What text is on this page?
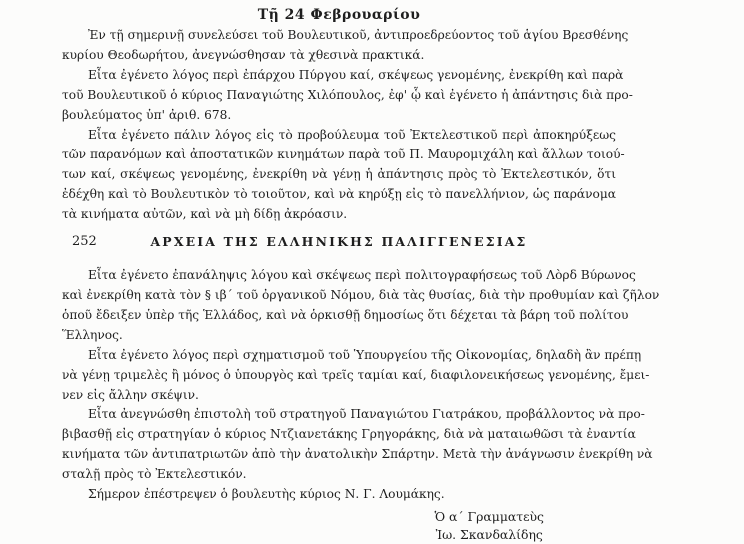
Τῇ 24 Φεβρουαρίου
Ἐν τῇ σημερινῇ συνελεύσει τοῦ Βουλευτικοῦ, ἀντιπροεδρεύοντος τοῦ ἁγίου Βρεσθένης
κυρίου Θεοδωρήτου, ἀνεγνώσθησαν τὰ χθεσινὰ πρακτικά.
Εἶτα ἐγένετο λόγος περὶ ἐπάρχου Πύργου καί, σκέψεως γενομένης, ἐνεκρίθη καὶ παρὰ
τοῦ Βουλευτικοῦ ὁ κύριος Παναγιώτης Χιλόπουλος, ἐφ' ᾧ καὶ ἐγένετο ἡ ἀπάντησις διὰ προ-
βουλεύματος ὑπ' ἀριθ. 678.
Εἶτα ἐγένετο πάλιν λόγος εἰς τὸ προβούλευμα τοῦ Ἐκτελεστικοῦ περὶ ἀποκηρύξεως
τῶν παρανόμων καὶ ἀποστατικῶν κινημάτων παρὰ τοῦ Π. Μαυρομιχάλη καὶ ἄλλων τοιού-
των καί, σκέψεως γενομένης, ἐνεκρίθη νὰ γένῃ ἡ ἀπάντησις πρὸς τὸ Ἐκτελεστικόν, ὅτι
ἐδέχθη καὶ τὸ Βουλευτικὸν τὸ τοιοῦτον, καὶ νὰ κηρύξῃ εἰς τὸ πανελλήνιον, ὡς παράνομα
τὰ κινήματα αὐτῶν, καὶ νὰ μὴ δίδῃ ἀκρόασιν.
252	ΑΡΧΕΙΑ ΤΗΣ ΕΛΛΗΝΙΚΗΣ ΠΑΛΙΓΓΕΝΕΣΙΑΣ
Εἶτα ἐγένετο ἐπανάληψις λόγου καὶ σκέψεως περὶ πολιτογραφήσεως τοῦ Λὸρδ Βύρωνος
καὶ ἐνεκρίθη κατὰ τὸν § ιβ΄ τοῦ ὀργανικοῦ Νόμου, διὰ τὰς θυσίας, διὰ τὴν προθυμίαν καὶ ζῆλον
ὁποῦ ἔδειξεν ὑπὲρ τῆς Ἑλλάδος, καὶ νὰ ὁρκισθῇ δημοσίως ὅτι δέχεται τὰ βάρη τοῦ πολίτου
Ἕλληνος.
Εἶτα ἐγένετο λόγος περὶ σχηματισμοῦ τοῦ Ὑπουργείου τῆς Οἰκονομίας, δηλαδὴ ἂν πρέπῃ
νὰ γένῃ τριμελὲς ἢ μόνος ὁ ὑπουργὸς καὶ τρεῖς ταμίαι καί, διαφιλονεικήσεως γενομένης, ἔμει-
νεν εἰς ἄλλην σκέψιν.
Εἶτα ἀνεγνώσθη ἐπιστολὴ τοῦ στρατηγοῦ Παναγιώτου Γιατράκου, προβάλλοντος νὰ προ-
βιβασθῇ εἰς στρατηγίαν ὁ κύριος Ντζιανετάκης Γρηγοράκης, διὰ νὰ ματαιωθῶσι τὰ ἐναντία
κινήματα τῶν ἀντιπατριωτῶν ἀπὸ τὴν ἀνατολικὴν Σπάρτην. Μετὰ τὴν ἀνάγνωσιν ἐνεκρίθη νὰ
σταλῇ πρὸς τὸ Ἐκτελεστικόν.
Σήμερον ἐπέστρεψεν ὁ βουλευτὴς κύριος Ν. Γ. Λουμάκης.
Ὁ α΄ Γραμματεὺς
Ἰω. Σκανδαλίδης
